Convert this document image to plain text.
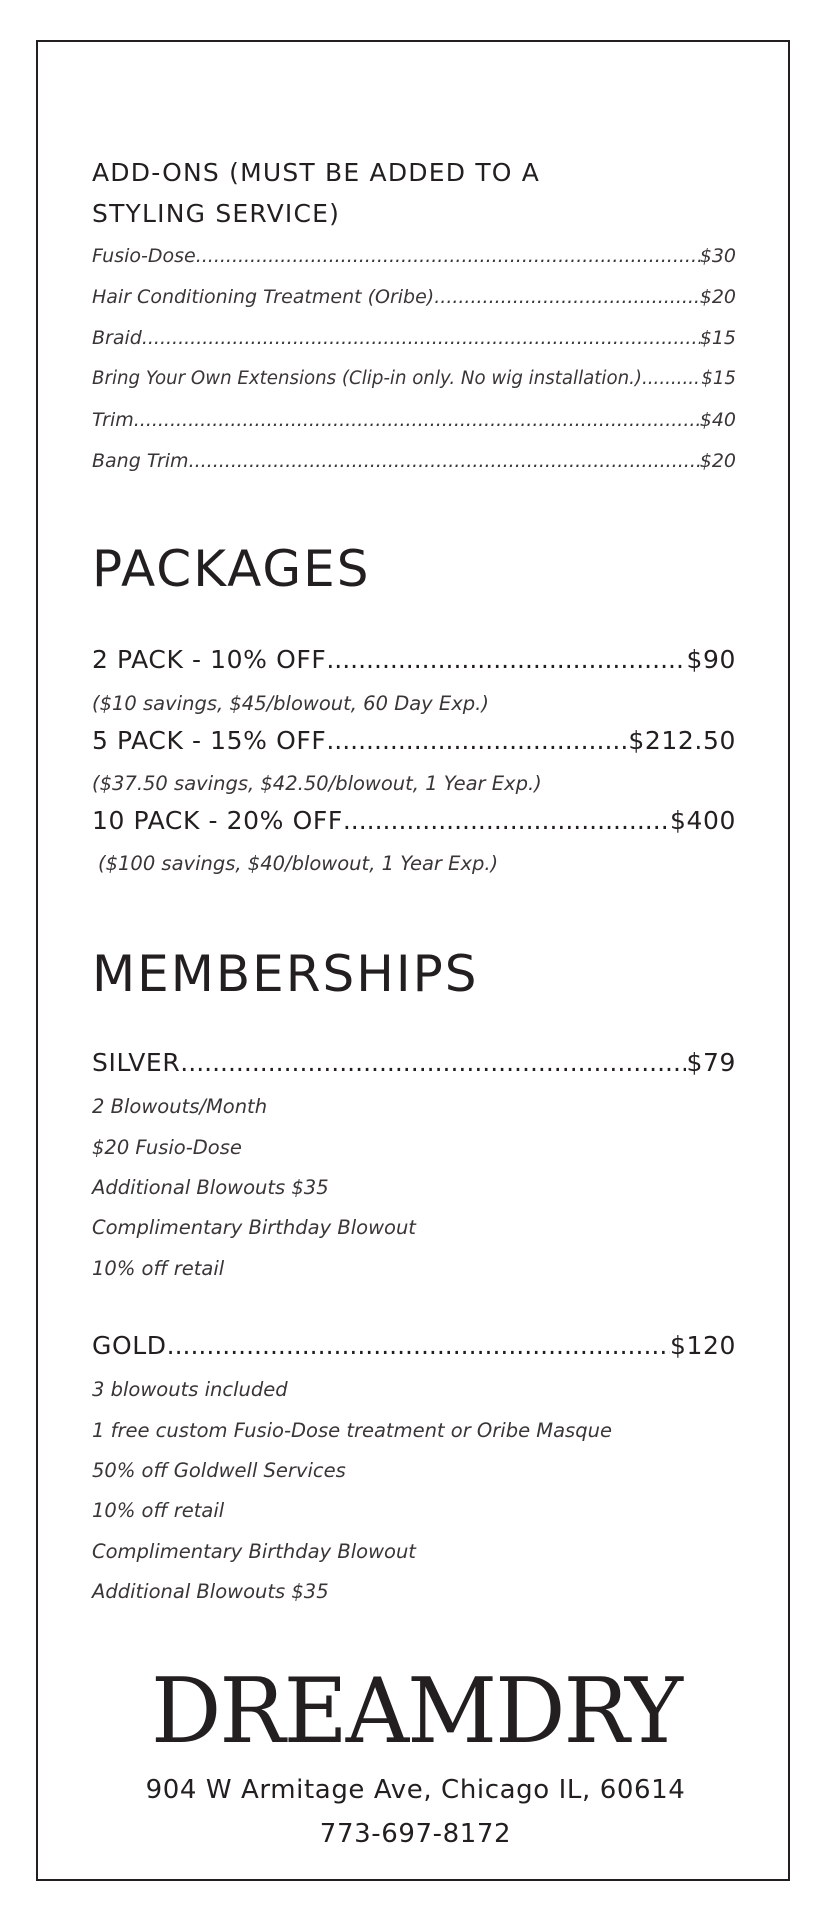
ADD-ONS (MUST BE ADDED TO A
STYLING SERVICE)
Fusio-Dose .....	$30
Hair Conditioning Treatment (Oribe) .....	$20
Braid .....	$15
Bring Your Own Extensions (Clip-in only. No wig installation.) .....	$15
Trim .....	$40
Bang Trim .....	$20
PACKAGES
2 PACK - 10% OFF .....	$90
($10 savings, $45/blowout, 60 Day Exp.)
5 PACK - 15% OFF .....	$212.50
($37.50 savings, $42.50/blowout, 1 Year Exp.)
10 PACK - 20% OFF .....	$400
($100 savings, $40/blowout, 1 Year Exp.)
MEMBERSHIPS
SILVER .....	$79
2 Blowouts/Month
$20 Fusio-Dose
Additional Blowouts $35
Complimentary Birthday Blowout
10% off retail
GOLD .....	$120
3 blowouts included
1 free custom Fusio-Dose treatment or Oribe Masque
50% off Goldwell Services
10% off retail
Complimentary Birthday Blowout
Additional Blowouts $35
DREAMDRY
904 W Armitage Ave, Chicago IL, 60614
773-697-8172
